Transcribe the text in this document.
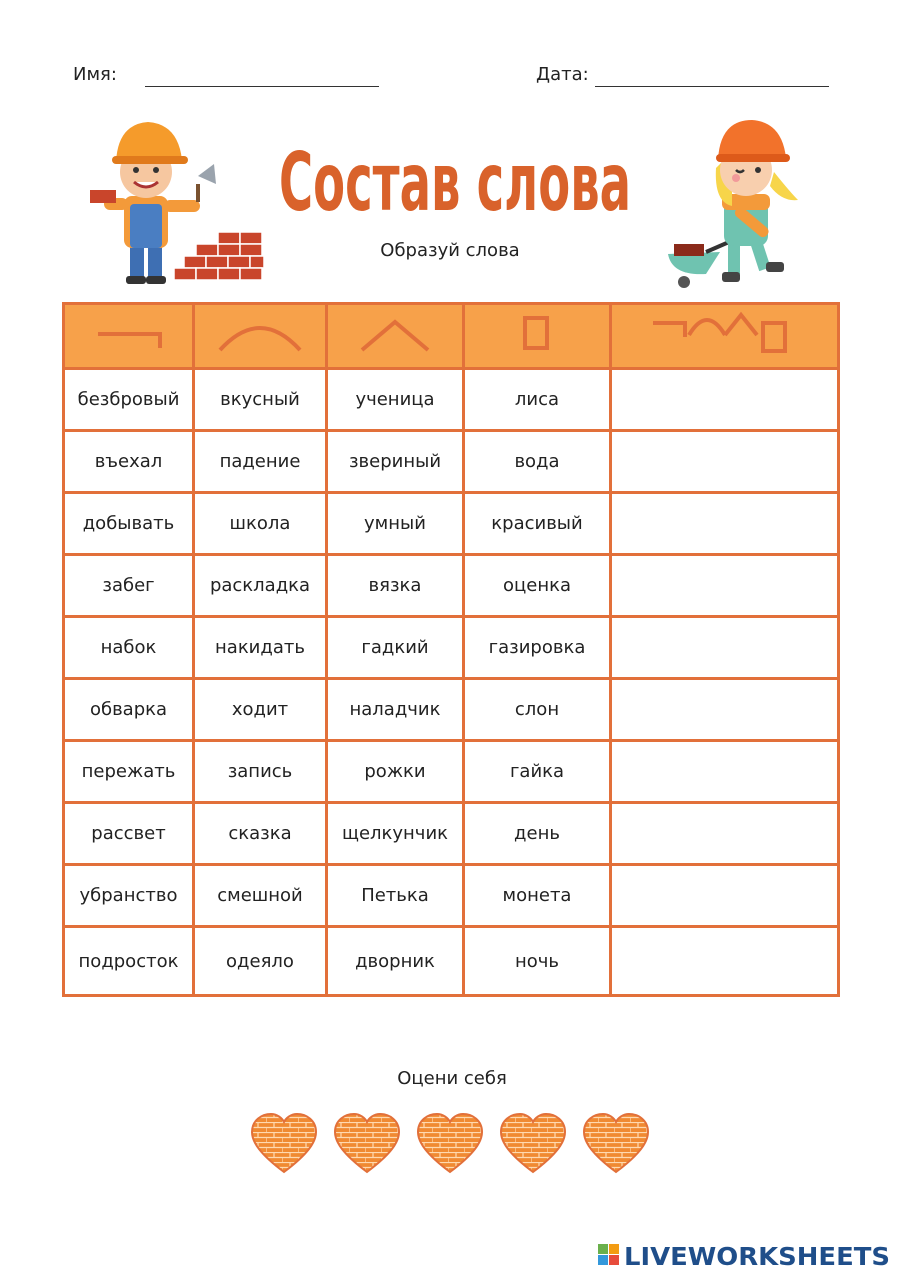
Имя:	Дата:
Состав слова
Образуй слова

безбровый	вкусный	ученица	лиса	
въехал	падение	звериный	вода	
добывать	школа	умный	красивый	
забег	раскладка	вязка	оценка	
набок	накидать	гадкий	газировка	
обварка	ходит	наладчик	слон	
пережать	запись	рожки	гайка	
рассвет	сказка	щелкунчик	день	
убранство	смешной	Петька	монета	
подросток	одеяло	дворник	ночь	
Оцени себя
LIVEWORKSHEETS
